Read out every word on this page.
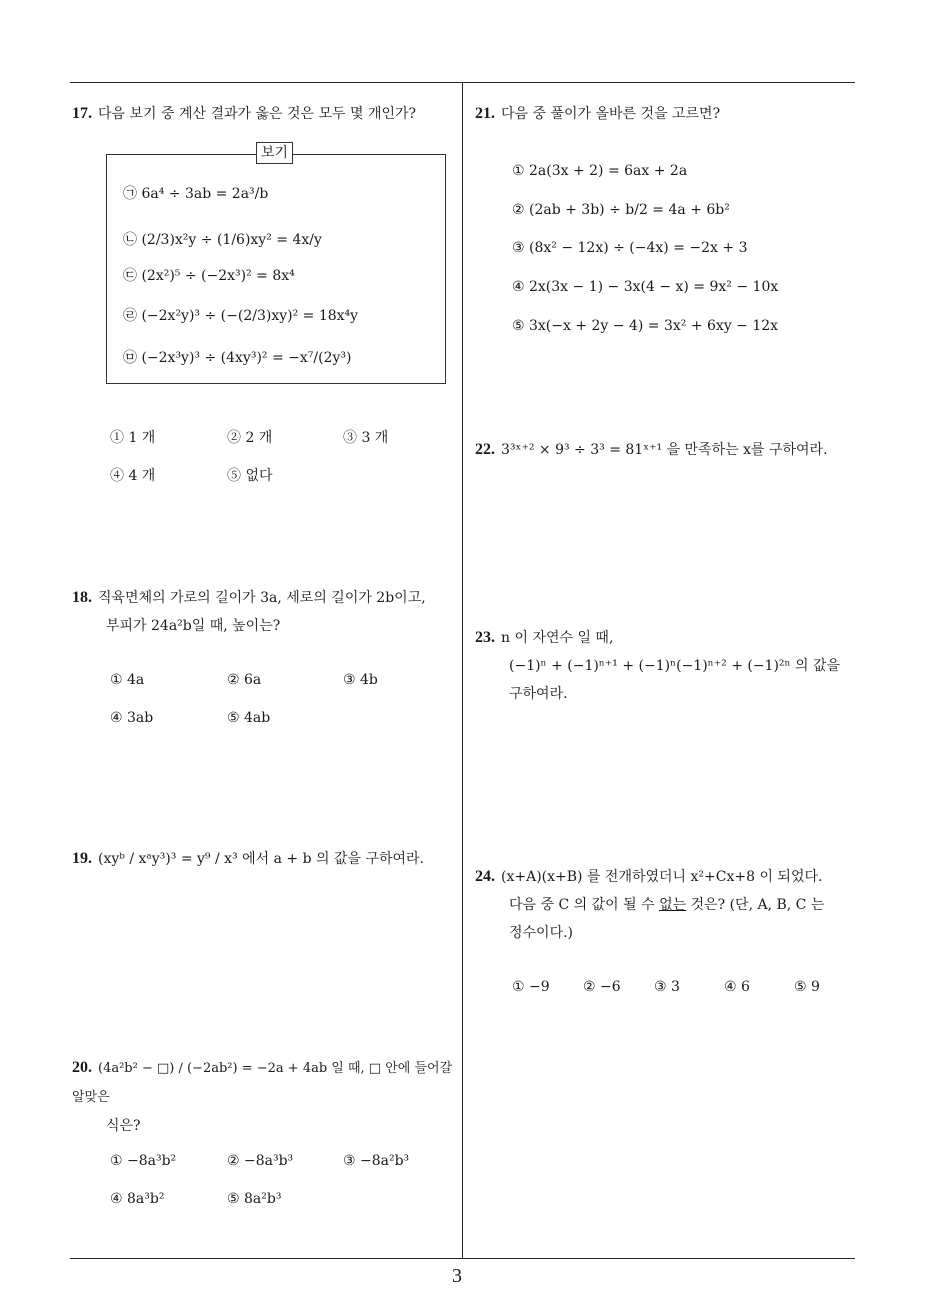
17. 다음 보기 중 계산 결과가 옳은 것은 모두 몇 개인가?
㉠ 6a⁴ ÷ 3ab = 2a³/b
㉡ (2/3)x²y ÷ (1/6)xy² = 4x/y
㉢ (2x²)⁵ ÷ (−2x³)² = 8x⁴
㉣ (−2x²y)³ ÷ (−(2/3)xy)² = 18x⁴y
㉤ (−2x³y)³ ÷ (4xy³)² = −x⁷/(2y³)
보기
① 1 개	② 2 개	③ 3 개
④ 4 개	⑤ 없다
18. 직육면체의 가로의 길이가 3a, 세로의 길이가 2b이고,
부피가 24a²b일 때, 높이는?
① 4a	② 6a	③ 4b
④ 3ab	⑤ 4ab
19. (xyᵇ / xᵃy³)³ = y⁹ / x³ 에서 a + b 의 값을 구하여라.
20. (4a²b² − □) / (−2ab²) = −2a + 4ab 일 때, □ 안에 들어갈 알맞은
식은?
① −8a³b²	② −8a³b³	③ −8a²b³
④ 8a³b²	⑤ 8a²b³
21. 다음 중 풀이가 올바른 것을 고르면?
① 2a(3x + 2) = 6ax + 2a
② (2ab + 3b) ÷ b/2 = 4a + 6b²
③ (8x² − 12x) ÷ (−4x) = −2x + 3
④ 2x(3x − 1) − 3x(4 − x) = 9x² − 10x
⑤ 3x(−x + 2y − 4) = 3x² + 6xy − 12x
22. 3³ˣ⁺² × 9³ ÷ 3³ = 81ˣ⁺¹ 을 만족하는 x를 구하여라.
23. n 이 자연수 일 때,
(−1)ⁿ + (−1)ⁿ⁺¹ + (−1)ⁿ(−1)ⁿ⁺² + (−1)²ⁿ 의 값을
구하여라.
24. (x+A)(x+B) 를 전개하였더니 x²+Cx+8 이 되었다.
다음 중 C 의 값이 될 수 없는 것은? (단, A, B, C 는
정수이다.)
① −9 ② −6 ③ 3	④ 6	⑤ 9
3
